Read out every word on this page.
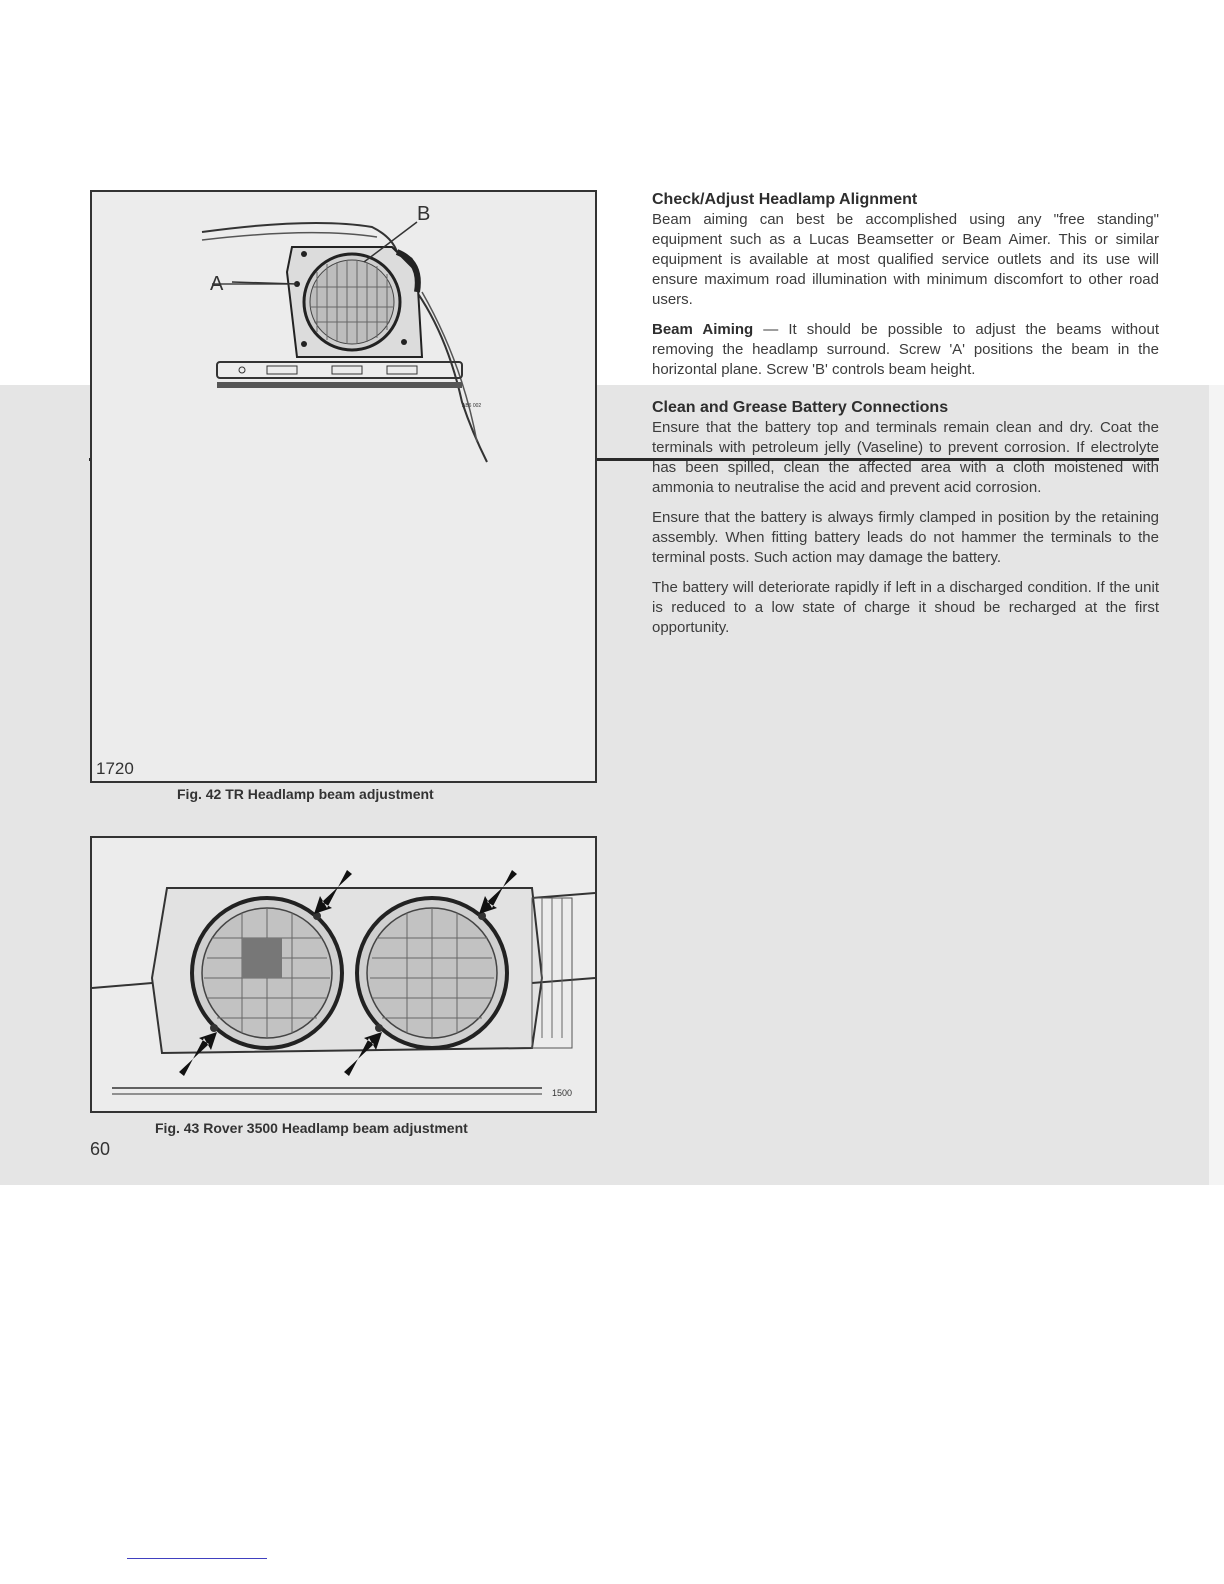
A
B
AB6 002
1720
Fig. 42 TR Headlamp beam adjustment
1500
Fig. 43 Rover 3500 Headlamp beam adjustment
60
Check/Adjust Headlamp Alignment

Beam aiming can best be accomplished using any "free standing" equipment such as a Lucas Beamsetter or Beam Aimer. This or similar equipment is available at most qualified service outlets and its use will ensure maximum road illumination with minimum discomfort to other road users.

Beam Aiming — It should be possible to adjust the beams without removing the headlamp surround. Screw 'A' positions the beam in the horizontal plane. Screw 'B' controls beam height.

Clean and Grease Battery Connections

Ensure that the battery top and terminals remain clean and dry. Coat the terminals with petroleum jelly (Vaseline) to prevent corrosion. If electrolyte has been spilled, clean the affected area with a cloth moistened with ammonia to neutralise the acid and prevent acid corrosion.

Ensure that the battery is always firmly clamped in position by the retaining assembly. When fitting battery leads do not hammer the terminals to the terminal posts. Such action may damage the battery.

The battery will deteriorate rapidly if left in a discharged condition. If the unit is reduced to a low state of charge it shoud be recharged at the first opportunity.
